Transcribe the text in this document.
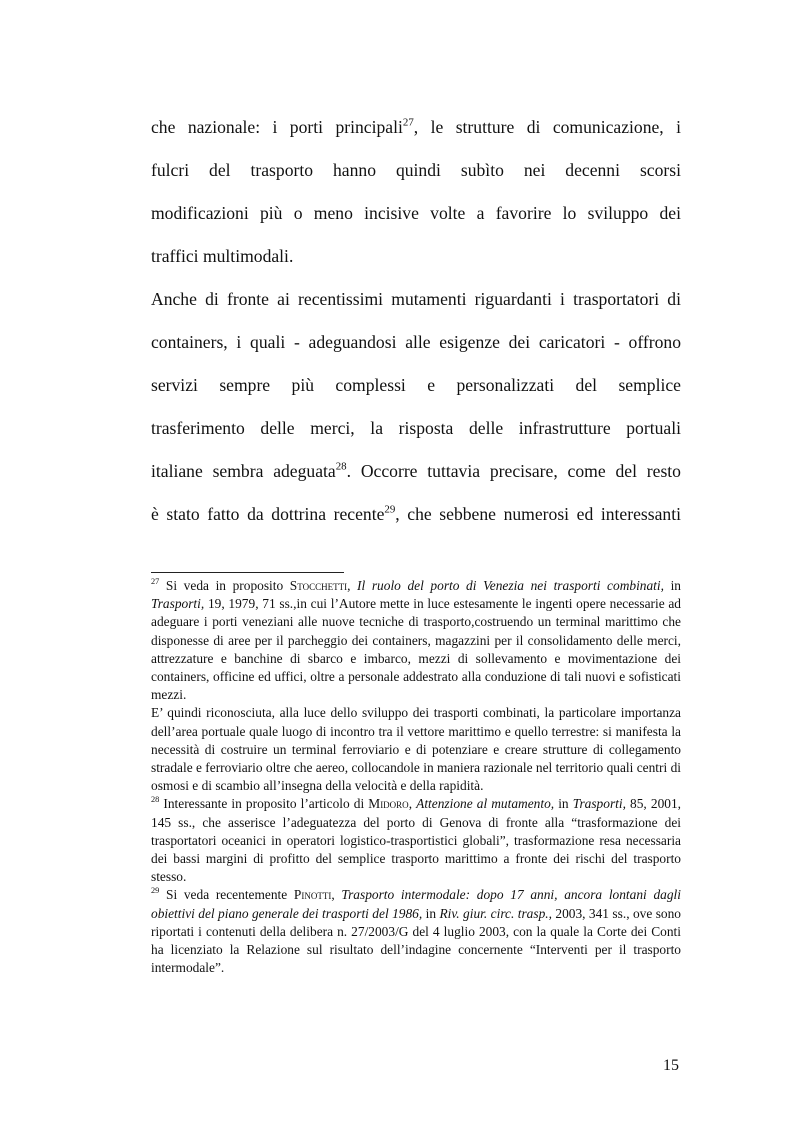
che nazionale: i porti principali$^{27}$, le strutture di comunicazione, i

fulcri del trasporto hanno quindi subìto nei decenni scorsi

modificazioni più o meno incisive volte a favorire lo sviluppo dei

traffici multimodali.

Anche di fronte ai recentissimi mutamenti riguardanti i trasportatori di

containers, i quali - adeguandosi alle esigenze dei caricatori - offrono

servizi sempre più complessi e personalizzati del semplice

trasferimento delle merci, la risposta delle infrastrutture portuali

italiane sembra adeguata$^{28}$. Occorre tuttavia precisare, come del resto

è stato fatto da dottrina recente$^{29}$, che sebbene numerosi ed interessanti

$^{27}$ Si veda in proposito Stocchetti, Il ruolo del porto di Venezia nei trasporti combinati, in Trasporti, 19, 1979, 71 ss.,in cui l’Autore mette in luce estesamente le ingenti opere necessarie ad adeguare i porti veneziani alle nuove tecniche di trasporto,costruendo un terminal marittimo che disponesse di aree per il parcheggio dei containers, magazzini per il consolidamento delle merci, attrezzature e banchine di sbarco e imbarco, mezzi di sollevamento e movimentazione dei containers, officine ed uffici, oltre a personale addestrato alla conduzione di tali nuovi e sofisticati mezzi.

E’ quindi riconosciuta, alla luce dello sviluppo dei trasporti combinati, la particolare importanza dell’area portuale quale luogo di incontro tra il vettore marittimo e quello terrestre: si manifesta la necessità di costruire un terminal ferroviario e di potenziare e creare strutture di collegamento stradale e ferroviario oltre che aereo, collocandole in maniera razionale nel territorio quali centri di osmosi e di scambio all’insegna della velocità e della rapidità.

$^{28}$ Interessante in proposito l’articolo di Midoro, Attenzione al mutamento, in Trasporti, 85, 2001, 145 ss., che asserisce l’adeguatezza del porto di Genova di fronte alla “trasformazione dei trasportatori oceanici in operatori logistico-trasportistici globali”, trasformazione resa necessaria dei bassi margini di profitto del semplice trasporto marittimo a fronte dei rischi del trasporto stesso.

$^{29}$ Si veda recentemente Pinotti, Trasporto intermodale: dopo 17 anni, ancora lontani dagli obiettivi del piano generale dei trasporti del 1986, in Riv. giur. circ. trasp., 2003, 341 ss., ove sono riportati i contenuti della delibera n. 27/2003/G del 4 luglio 2003, con la quale la Corte dei Conti ha licenziato la Relazione sul risultato dell’indagine concernente “Interventi per il trasporto intermodale”.

15
